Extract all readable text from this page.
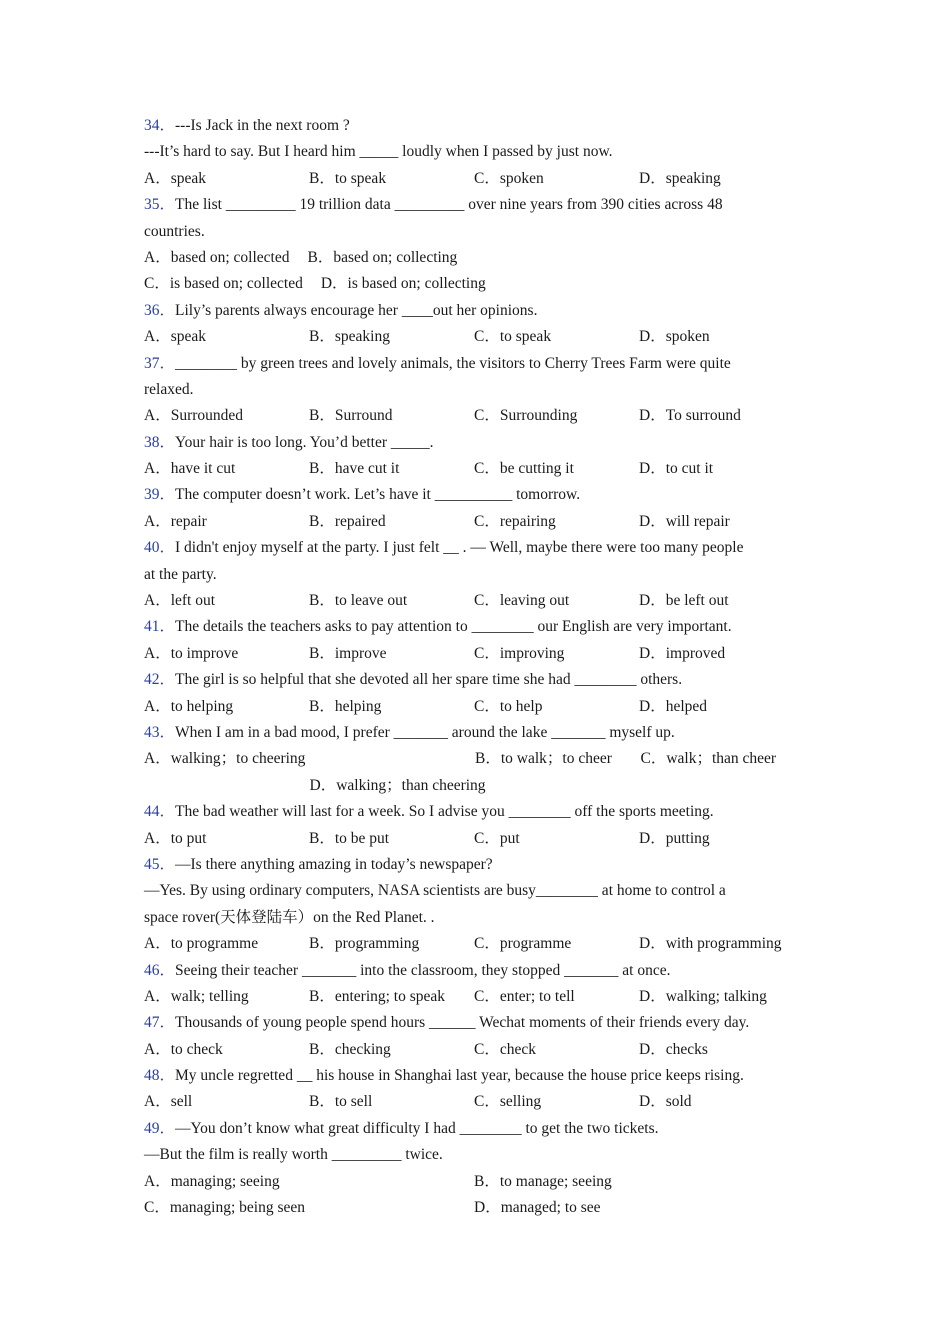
34．---Is Jack in the next room ?
---It’s hard to say. But I heard him _____ loudly when I passed by just now.
A．speak	B．to speak	C．spoken	D．speaking
35．The list _________ 19 trillion data _________ over nine years from 390 cities across 48
countries.
A．based on; collected B．based on; collecting
C．is based on; collected D．is based on; collecting
36．Lily’s parents always encourage her ____out her opinions.
A．speak	B．speaking	C．to speak	D．spoken
37．________ by green trees and lovely animals, the visitors to Cherry Trees Farm were quite
relaxed.
A．Surrounded	B．Surround	C．Surrounding	D．To surround
38．Your hair is too long. You’d better _____.
A．have it cut	B．have cut it	C．be cutting it	D．to cut it
39．The computer doesn’t work. Let’s have it __________ tomorrow.
A．repair	B．repaired	C．repairing	D．will repair
40．I didn't enjoy myself at the party. I just felt __ . — Well, maybe there were too many people
at the party.
A．left out	B．to leave out	C．leaving out	D．be left out
41．The details the teachers asks to pay attention to ________ our English are very important.
A．to improve	B．improve	C．improving	D．improved
42．The girl is so helpful that she devoted all her spare time she had ________ others.
A．to helping	B．helping	C．to help	D．helped
43．When I am in a bad mood, I prefer _______ around the lake _______ myself up.
A．walking；to cheering	B．to walk；to cheer	C．walk；than cheer
D．walking；than cheering
44．The bad weather will last for a week. So I advise you ________ off the sports meeting.
A．to put	B．to be put	C．put	D．putting
45．—Is there anything amazing in today’s newspaper?
—Yes. By using ordinary computers, NASA scientists are busy________ at home to control a
space rover(天体登陆车）on the Red Planet. .
A．to programme	B．programming	C．programme	D．with programming
46．Seeing their teacher _______ into the classroom, they stopped _______ at once.
A．walk; telling	B．entering; to speak	C．enter; to tell	D．walking; talking
47．Thousands of young people spend hours ______ Wechat moments of their friends every day.
A．to check	B．checking	C．check	D．checks
48．My uncle regretted __ his house in Shanghai last year, because the house price keeps rising.
A．sell	B．to sell	C．selling	D．sold
49．—You don’t know what great difficulty I had ________ to get the two tickets.
—But the film is really worth _________ twice.
A．managing; seeing	B．to manage; seeing
C．managing; being seen	D．managed; to see
